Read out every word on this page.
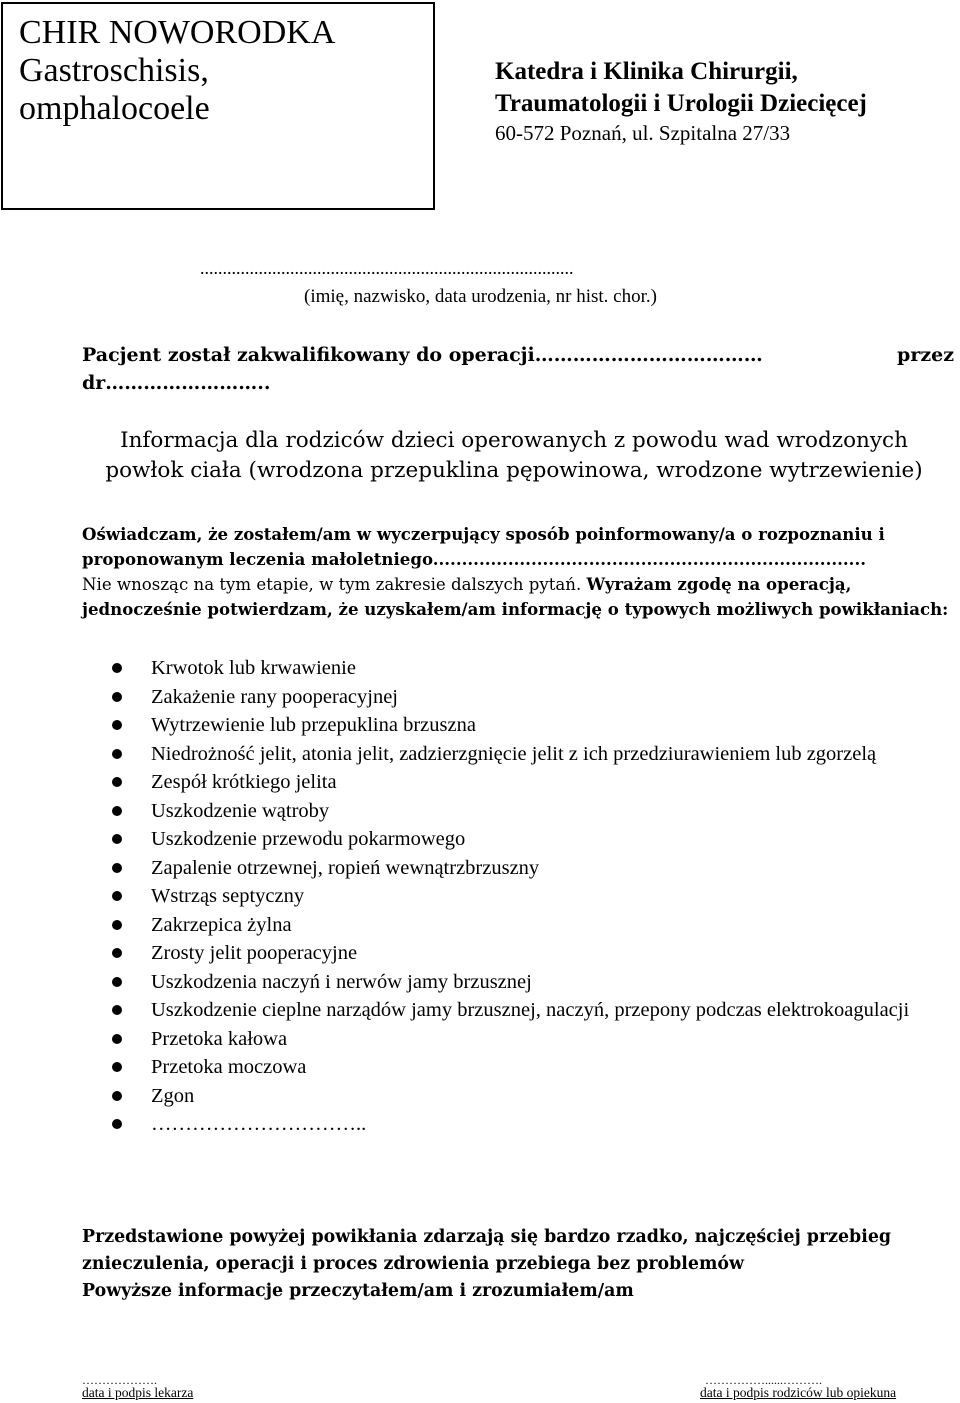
CHIR NOWORODKA
Gastroschisis,
omphalocoele
Katedra i Klinika Chirurgii,
Traumatologii i Urologii Dziecięcej
60-572 Poznań, ul. Szpitalna 27/33
...................................................................................
(imię, nazwisko, data urodzenia, nr hist. chor.)
Pacjent został zakwalifikowany do operacji………………………………	przez
dr……………………..
Informacja dla rodziców dzieci operowanych z powodu wad wrodzonych
powłok ciała (wrodzona przepuklina pępowinowa, wrodzone wytrzewienie)
Oświadczam, że zostałem/am w wyczerpujący sposób poinformowany/a o rozpoznaniu i proponowanym leczenia małoletniego...........................................................................
Nie wnosząc na tym etapie, w tym zakresie dalszych pytań. Wyrażam zgodę na operacją, jednocześnie potwierdzam, że uzyskałem/am informację o typowych możliwych powikłaniach:
Krwotok lub krwawienie
Zakażenie rany pooperacyjnej
Wytrzewienie lub przepuklina brzuszna
Niedrożność jelit, atonia jelit, zadzierzgnięcie jelit z ich przedziurawieniem lub zgorzelą
Zespół krótkiego jelita
Uszkodzenie wątroby
Uszkodzenie przewodu pokarmowego
Zapalenie otrzewnej, ropień wewnątrzbrzuszny
Wstrząs septyczny
Zakrzepica żylna
Zrosty jelit pooperacyjne
Uszkodzenia naczyń i nerwów jamy brzusznej
Uszkodzenie cieplne narządów jamy brzusznej, naczyń, przepony podczas elektrokoagulacji
Przetoka kałowa
Przetoka moczowa
Zgon
…………………………..
Przedstawione powyżej powikłania zdarzają się bardzo rzadko, najczęściej przebieg
znieczulenia, operacji i proces zdrowienia przebiega bez problemów
Powyższe informacje przeczytałem/am i zrozumiałem/am
……………….
data i podpis lekarza
……………......……….
data i podpis rodziców lub opiekuna
